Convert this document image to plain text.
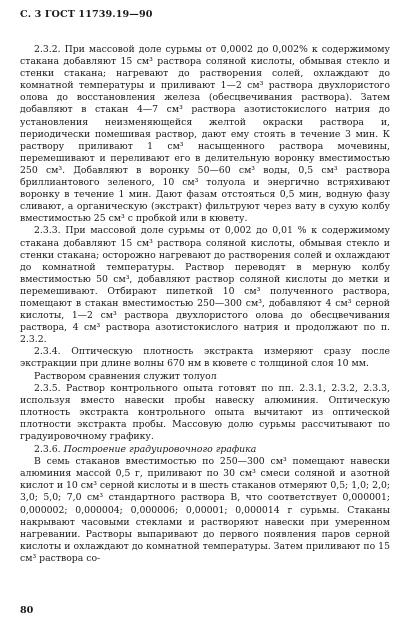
С. 3 ГОСТ 11739.19—90

2.3.2. При массовой доле сурьмы от 0,0002 до 0,002% к содержимому стакана добавляют 15 см³ раствора соляной кислоты, обмывая стекло и стенки стакана; нагревают до растворения солей, охлаждают до комнатной температуры и приливают 1—2 см³ раствора двухлористого олова до восстановления железа (обесцвечивания раствора). Затем добавляют в стакан 4—7 см³ раствора азотистокислого натрия до установления неизменяющейся желтой окраски раствора и, периодически помешивая раствор, дают ему стоять в течение 3 мин. К раствору приливают 1 см³ насыщенного раствора мочевины, перемешивают и переливают его в делительную воронку вместимостью 250 см³. Добавляют в воронку 50—60 см³ воды, 0,5 см³ раствора бриллиантового зеленого, 10 см³ толуола и энергично встряхивают воронку в течение 1 мин. Дают фазам отстояться 0,5 мин, водную фазу сливают, а органическую (экстракт) фильтруют через вату в сухую колбу вместимостью 25 см³ с пробкой или в кювету.

2.3.3. При массовой доле сурьмы от 0,002 до 0,01 % к содержимому стакана добавляют 15 см³ раствора соляной кислоты, обмывая стекло и стенки стакана; осторожно нагревают до растворения солей и охлаждают до комнатной температуры. Раствор переводят в мерную колбу вместимостью 50 см³, добавляют раствор соляной кислоты до метки и перемешивают. Отбирают пипеткой 10 см³ полученного раствора, помещают в стакан вместимостью 250—300 см³, добавляют 4 см³ серной кислоты, 1—2 см³ раствора двухлористого олова до обесцвечивания раствора, 4 см³ раствора азотистокислого натрия и продолжают по п. 2.3.2.

2.3.4. Оптическую плотность экстракта измеряют сразу после экстракции при длине волны 670 нм в кювете с толщиной слоя 10 мм.

Раствором сравнения служит толуол

2.3.5. Раствор контрольного опыта готовят по пп. 2.3.1, 2.3.2, 2.3.3, используя вместо навески пробы навеску алюминия. Оптическую плотность экстракта контрольного опыта вычитают из оптической плотности экстракта пробы. Массовую долю сурьмы рассчитывают по градуировочному графику.

2.3.6. Построение градуировочного графика

В семь стаканов вместимостью по 250—300 см³ помещают навески алюминия массой 0,5 г, приливают по 30 см³ смеси соляной и азотной кислот и 10 см³ серной кислоты и в шесть стаканов отмеряют 0,5; 1,0; 2,0; 3,0; 5,0; 7,0 см³ стандартного раствора В, что соответствует 0,000001; 0,000002; 0,000004; 0,000006; 0,00001; 0,000014 г сурьмы. Стаканы накрывают часовыми стеклами и растворяют навески при умеренном нагревании. Растворы выпаривают до первого появления паров серной кислоты и охлаждают до комнатной температуры. Затем приливают по 15 см³ раствора со-

80
